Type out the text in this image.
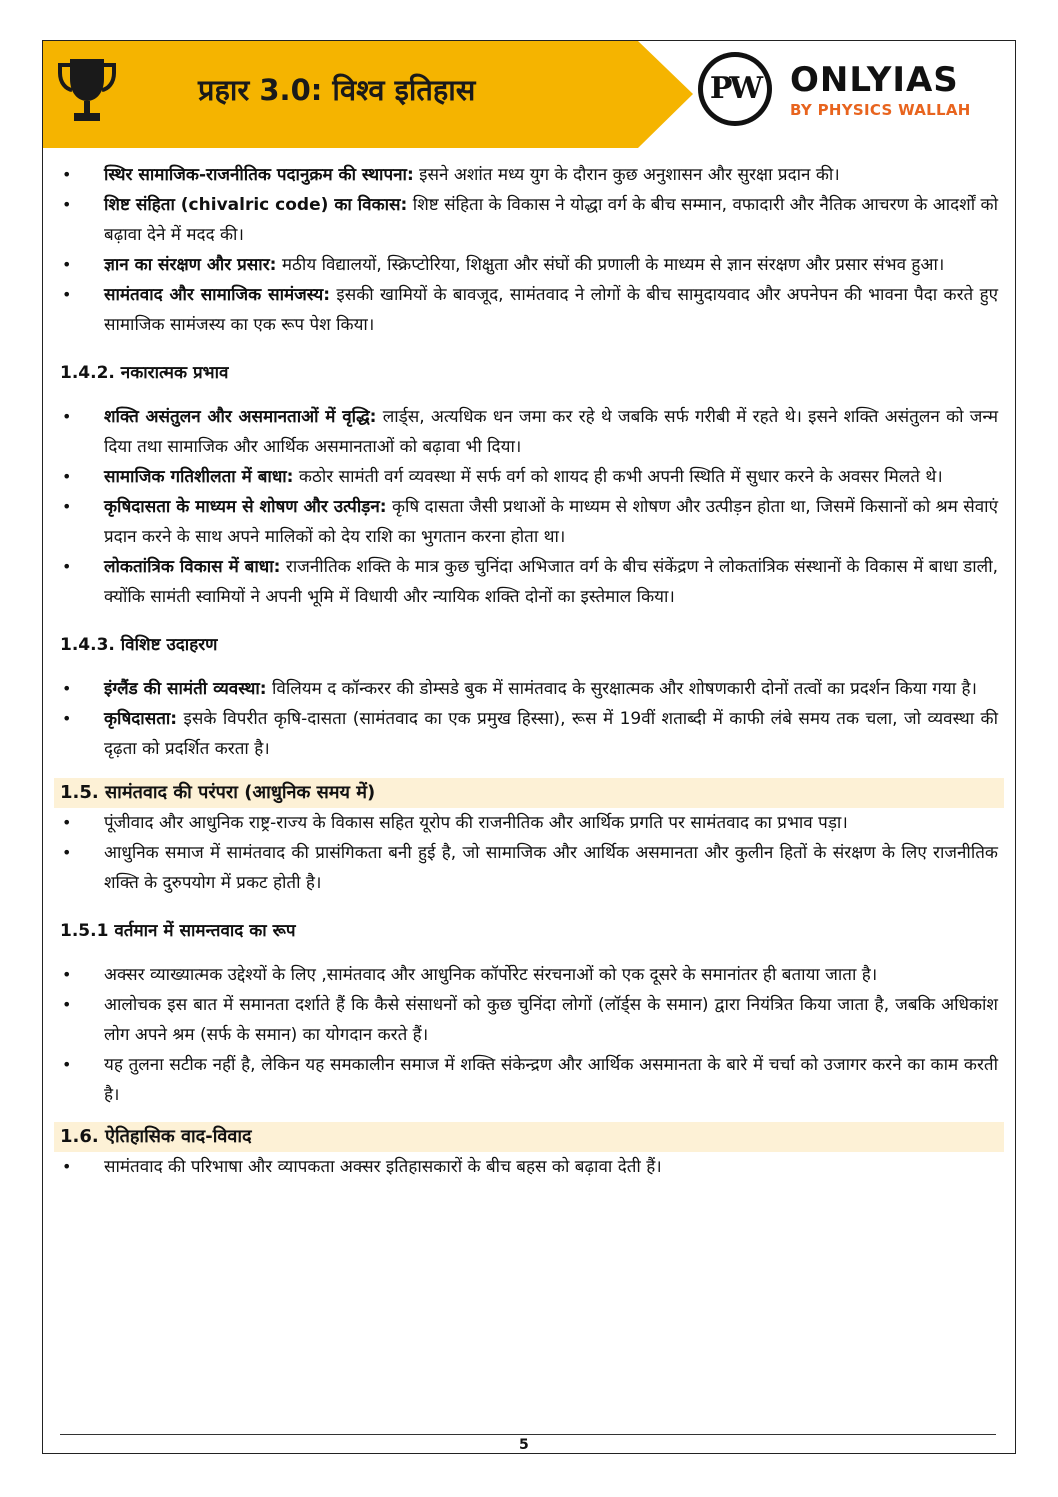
प्रहार 3.0: विश्व इतिहास	PW ONLYIAS
BY PHYSICS WALLAH
• स्थिर सामाजिक-राजनीतिक पदानुक्रम की स्थापना: इसने अशांत मध्य युग के दौरान कुछ अनुशासन और सुरक्षा प्रदान की।
• शिष्ट संहिता (chivalric code) का विकास: शिष्ट संहिता के विकास ने योद्धा वर्ग के बीच सम्मान, वफादारी और नैतिक आचरण के आदर्शों को बढ़ावा देने में मदद की।
• ज्ञान का संरक्षण और प्रसार: मठीय विद्यालयों, स्क्रिप्टोरिया, शिक्षुता और संघों की प्रणाली के माध्यम से ज्ञान संरक्षण और प्रसार संभव हुआ।
• सामंतवाद और सामाजिक सामंजस्य: इसकी खामियों के बावजूद, सामंतवाद ने लोगों के बीच सामुदायवाद और अपनेपन की भावना पैदा करते हुए सामाजिक सामंजस्य का एक रूप पेश किया।

1.4.2. नकारात्मक प्रभाव

• शक्ति असंतुलन और असमानताओं में वृद्धि: लार्ड्स, अत्यधिक धन जमा कर रहे थे जबकि सर्फ गरीबी में रहते थे। इसने शक्ति असंतुलन को जन्म दिया तथा सामाजिक और आर्थिक असमानताओं को बढ़ावा भी दिया।
• सामाजिक गतिशीलता में बाधा: कठोर सामंती वर्ग व्यवस्था में सर्फ वर्ग को शायद ही कभी अपनी स्थिति में सुधार करने के अवसर मिलते थे।
• कृषिदासता के माध्यम से शोषण और उत्पीड़न: कृषि दासता जैसी प्रथाओं के माध्यम से शोषण और उत्पीड़न होता था, जिसमें किसानों को श्रम सेवाएं प्रदान करने के साथ अपने मालिकों को देय राशि का भुगतान करना होता था।
• लोकतांत्रिक विकास में बाधा: राजनीतिक शक्ति के मात्र कुछ चुनिंदा अभिजात वर्ग के बीच संकेंद्रण ने लोकतांत्रिक संस्थानों के विकास में बाधा डाली, क्योंकि सामंती स्वामियों ने अपनी भूमि में विधायी और न्यायिक शक्ति दोनों का इस्तेमाल किया।

1.4.3. विशिष्ट उदाहरण

• इंग्लैंड की सामंती व्यवस्था: विलियम द कॉन्करर की डोम्सडे बुक में सामंतवाद के सुरक्षात्मक और शोषणकारी दोनों तत्वों का प्रदर्शन किया गया है।
• कृषिदासता: इसके विपरीत कृषि-दासता (सामंतवाद का एक प्रमुख हिस्सा), रूस में 19वीं शताब्दी में काफी लंबे समय तक चला, जो व्यवस्था की दृढ़ता को प्रदर्शित करता है।
1.5. सामंतवाद की परंपरा (आधुनिक समय में)
• पूंजीवाद और आधुनिक राष्ट्र-राज्य के विकास सहित यूरोप की राजनीतिक और आर्थिक प्रगति पर सामंतवाद का प्रभाव पड़ा।
• आधुनिक समाज में सामंतवाद की प्रासंगिकता बनी हुई है, जो सामाजिक और आर्थिक असमानता और कुलीन हितों के संरक्षण के लिए राजनीतिक शक्ति के दुरुपयोग में प्रकट होती है।

1.5.1 वर्तमान में सामन्तवाद का रूप

• अक्सर व्याख्यात्मक उद्देश्यों के लिए ,सामंतवाद और आधुनिक कॉर्पोरेट संरचनाओं को एक दूसरे के समानांतर ही बताया जाता है।
• आलोचक इस बात में समानता दर्शाते हैं कि कैसे संसाधनों को कुछ चुनिंदा लोगों (लॉर्ड्स के समान) द्वारा नियंत्रित किया जाता है, जबकि अधिकांश लोग अपने श्रम (सर्फ के समान) का योगदान करते हैं।
• यह तुलना सटीक नहीं है, लेकिन यह समकालीन समाज में शक्ति संकेन्द्रण और आर्थिक असमानता के बारे में चर्चा को उजागर करने का काम करती है।
1.6. ऐतिहासिक वाद-विवाद
• सामंतवाद की परिभाषा और व्यापकता अक्सर इतिहासकारों के बीच बहस को बढ़ावा देती हैं।
5
